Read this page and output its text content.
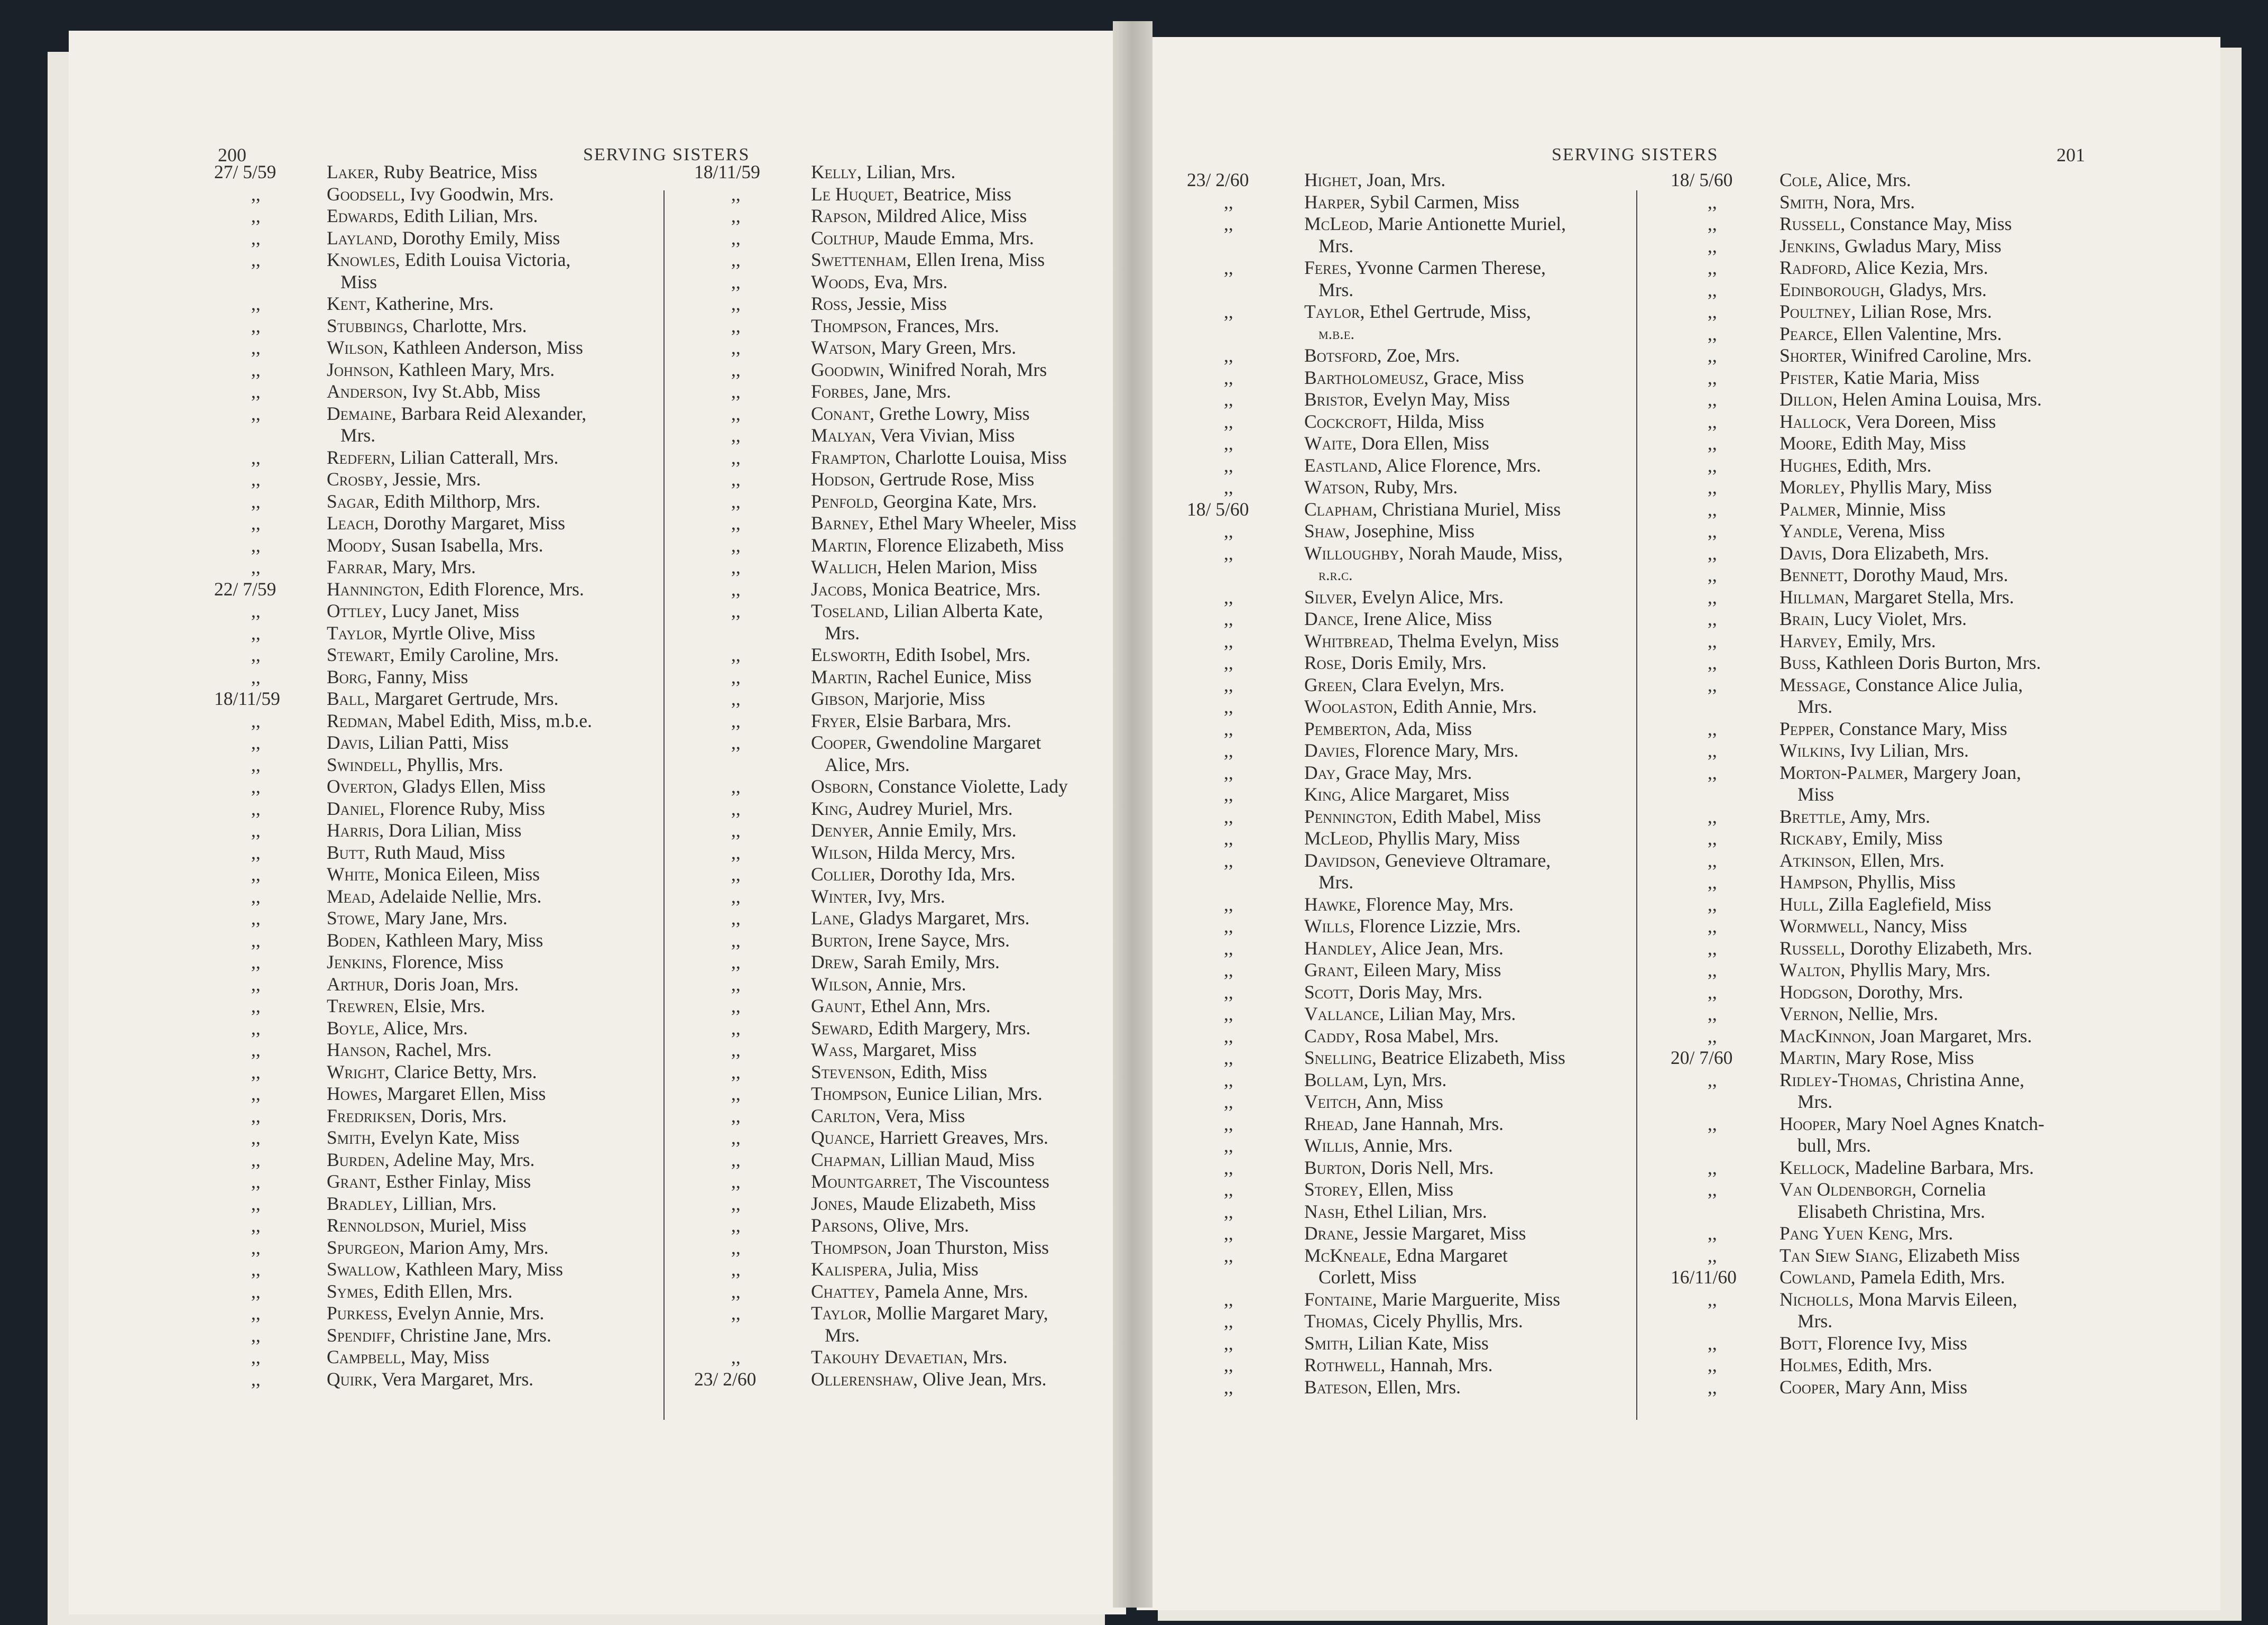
200	SERVING SISTERS	SERVING SISTERS	201
27/ 5/59	Laker, Ruby Beatrice, Miss
,,	Goodsell, Ivy Goodwin, Mrs.
,,	Edwards, Edith Lilian, Mrs.
,,	Layland, Dorothy Emily, Miss
,,	Knowles, Edith Louisa Victoria,
Miss
,,	Kent, Katherine, Mrs.
,,	Stubbings, Charlotte, Mrs.
,,	Wilson, Kathleen Anderson, Miss
,,	Johnson, Kathleen Mary, Mrs.
,,	Anderson, Ivy St.Abb, Miss
,,	Demaine, Barbara Reid Alexander,
Mrs.
,,	Redfern, Lilian Catterall, Mrs.
,,	Crosby, Jessie, Mrs.
,,	Sagar, Edith Milthorp, Mrs.
,,	Leach, Dorothy Margaret, Miss
,,	Moody, Susan Isabella, Mrs.
,,	Farrar, Mary, Mrs.
22/ 7/59	Hannington, Edith Florence, Mrs.
,,	Ottley, Lucy Janet, Miss
,,	Taylor, Myrtle Olive, Miss
,,	Stewart, Emily Caroline, Mrs.
,,	Borg, Fanny, Miss
18/11/59 Ball, Margaret Gertrude, Mrs.
,,	Redman, Mabel Edith, Miss, m.b.e.
,,	Davis, Lilian Patti, Miss
,,	Swindell, Phyllis, Mrs.
,,	Overton, Gladys Ellen, Miss
,,	Daniel, Florence Ruby, Miss
,,	Harris, Dora Lilian, Miss
,,	Butt, Ruth Maud, Miss
,,	White, Monica Eileen, Miss
,,	Mead, Adelaide Nellie, Mrs.
,,	Stowe, Mary Jane, Mrs.
,,	Boden, Kathleen Mary, Miss
,,	Jenkins, Florence, Miss
,,	Arthur, Doris Joan, Mrs.
,,	Trewren, Elsie, Mrs.
,,	Boyle, Alice, Mrs.
,,	Hanson, Rachel, Mrs.
,,	Wright, Clarice Betty, Mrs.
,,	Howes, Margaret Ellen, Miss
,,	Fredriksen, Doris, Mrs.
,,	Smith, Evelyn Kate, Miss
,,	Burden, Adeline May, Mrs.
,,	Grant, Esther Finlay, Miss
,,	Bradley, Lillian, Mrs.
,,	Rennoldson, Muriel, Miss
,,	Spurgeon, Marion Amy, Mrs.
,,	Swallow, Kathleen Mary, Miss
,,	Symes, Edith Ellen, Mrs.
,,	Purkess, Evelyn Annie, Mrs.
,,	Spendiff, Christine Jane, Mrs.
,,	Campbell, May, Miss
,,	Quirk, Vera Margaret, Mrs.
18/11/59	Kelly, Lilian, Mrs.
,,	Le Huquet, Beatrice, Miss
,,	Rapson, Mildred Alice, Miss
,,	Colthup, Maude Emma, Mrs.
,,	Swettenham, Ellen Irena, Miss
,,	Woods, Eva, Mrs.
,,	Ross, Jessie, Miss
,,	Thompson, Frances, Mrs.
,,	Watson, Mary Green, Mrs.
,,	Goodwin, Winifred Norah, Mrs
,,	Forbes, Jane, Mrs.
,,	Conant, Grethe Lowry, Miss
,,	Malyan, Vera Vivian, Miss
,,	Frampton, Charlotte Louisa, Miss
,,	Hodson, Gertrude Rose, Miss
,,	Penfold, Georgina Kate, Mrs.
,,	Barney, Ethel Mary Wheeler, Miss
,,	Martin, Florence Elizabeth, Miss
,,	Wallich, Helen Marion, Miss
,,	Jacobs, Monica Beatrice, Mrs.
,,	Toseland, Lilian Alberta Kate,
Mrs.
,,	Elsworth, Edith Isobel, Mrs.
,,	Martin, Rachel Eunice, Miss
,,	Gibson, Marjorie, Miss
,,	Fryer, Elsie Barbara, Mrs.
,,	Cooper, Gwendoline Margaret
Alice, Mrs.
,,	Osborn, Constance Violette, Lady
,,	King, Audrey Muriel, Mrs.
,,	Denyer, Annie Emily, Mrs.
,,	Wilson, Hilda Mercy, Mrs.
,,	Collier, Dorothy Ida, Mrs.
,,	Winter, Ivy, Mrs.
,,	Lane, Gladys Margaret, Mrs.
,,	Burton, Irene Sayce, Mrs.
,,	Drew, Sarah Emily, Mrs.
,,	Wilson, Annie, Mrs.
,,	Gaunt, Ethel Ann, Mrs.
,,	Seward, Edith Margery, Mrs.
,,	Wass, Margaret, Miss
,,	Stevenson, Edith, Miss
,,	Thompson, Eunice Lilian, Mrs.
,,	Carlton, Vera, Miss
,,	Quance, Harriett Greaves, Mrs.
,,	Chapman, Lillian Maud, Miss
,,	Mountgarret, The Viscountess
,,	Jones, Maude Elizabeth, Miss
,,	Parsons, Olive, Mrs.
,,	Thompson, Joan Thurston, Miss
,,	Kalispera, Julia, Miss
,,	Chattey, Pamela Anne, Mrs.
,,	Taylor, Mollie Margaret Mary,
Mrs.
,,	Takouhy Devaetian, Mrs.
23/ 2/60	Ollerenshaw, Olive Jean, Mrs.
23/ 2/60	Highet, Joan, Mrs.
,,	Harper, Sybil Carmen, Miss
,,	McLeod, Marie Antionette Muriel,
Mrs.
,,	Feres, Yvonne Carmen Therese,
Mrs.
,,	Taylor, Ethel Gertrude, Miss,
m.b.e.
,,	Botsford, Zoe, Mrs.
,,	Bartholomeusz, Grace, Miss
,,	Bristor, Evelyn May, Miss
,,	Cockcroft, Hilda, Miss
,,	Waite, Dora Ellen, Miss
,,	Eastland, Alice Florence, Mrs.
,,	Watson, Ruby, Mrs.
18/ 5/60	Clapham, Christiana Muriel, Miss
,,	Shaw, Josephine, Miss
,,	Willoughby, Norah Maude, Miss,
r.r.c.
,,	Silver, Evelyn Alice, Mrs.
,,	Dance, Irene Alice, Miss
,,	Whitbread, Thelma Evelyn, Miss
,,	Rose, Doris Emily, Mrs.
,,	Green, Clara Evelyn, Mrs.
,,	Woolaston, Edith Annie, Mrs.
,,	Pemberton, Ada, Miss
,,	Davies, Florence Mary, Mrs.
,,	Day, Grace May, Mrs.
,,	King, Alice Margaret, Miss
,,	Pennington, Edith Mabel, Miss
,,	McLeod, Phyllis Mary, Miss
,,	Davidson, Genevieve Oltramare,
Mrs.
,,	Hawke, Florence May, Mrs.
,,	Wills, Florence Lizzie, Mrs.
,,	Handley, Alice Jean, Mrs.
,,	Grant, Eileen Mary, Miss
,,	Scott, Doris May, Mrs.
,,	Vallance, Lilian May, Mrs.
,,	Caddy, Rosa Mabel, Mrs.
,,	Snelling, Beatrice Elizabeth, Miss
,,	Bollam, Lyn, Mrs.
,,	Veitch, Ann, Miss
,,	Rhead, Jane Hannah, Mrs.
,,	Willis, Annie, Mrs.
,,	Burton, Doris Nell, Mrs.
,,	Storey, Ellen, Miss
,,	Nash, Ethel Lilian, Mrs.
,,	Drane, Jessie Margaret, Miss
,,	McKneale, Edna Margaret
Corlett, Miss
,,	Fontaine, Marie Marguerite, Miss
,,	Thomas, Cicely Phyllis, Mrs.
,,	Smith, Lilian Kate, Miss
,,	Rothwell, Hannah, Mrs.
,,	Bateson, Ellen, Mrs.
18/ 5/60 Cole, Alice, Mrs.
,,	Smith, Nora, Mrs.
,,	Russell, Constance May, Miss
,,	Jenkins, Gwladus Mary, Miss
,,	Radford, Alice Kezia, Mrs.
,,	Edinborough, Gladys, Mrs.
,,	Poultney, Lilian Rose, Mrs.
,,	Pearce, Ellen Valentine, Mrs.
,,	Shorter, Winifred Caroline, Mrs.
,,	Pfister, Katie Maria, Miss
,,	Dillon, Helen Amina Louisa, Mrs.
,,	Hallock, Vera Doreen, Miss
,,	Moore, Edith May, Miss
,,	Hughes, Edith, Mrs.
,,	Morley, Phyllis Mary, Miss
,,	Palmer, Minnie, Miss
,,	Yandle, Verena, Miss
,,	Davis, Dora Elizabeth, Mrs.
,,	Bennett, Dorothy Maud, Mrs.
,,	Hillman, Margaret Stella, Mrs.
,,	Brain, Lucy Violet, Mrs.
,,	Harvey, Emily, Mrs.
,,	Buss, Kathleen Doris Burton, Mrs.
,,	Message, Constance Alice Julia,
Mrs.
,,	Pepper, Constance Mary, Miss
,,	Wilkins, Ivy Lilian, Mrs.
,,	Morton-Palmer, Margery Joan,
Miss
,,	Brettle, Amy, Mrs.
,,	Rickaby, Emily, Miss
,,	Atkinson, Ellen, Mrs.
,,	Hampson, Phyllis, Miss
,,	Hull, Zilla Eaglefield, Miss
,,	Wormwell, Nancy, Miss
,,	Russell, Dorothy Elizabeth, Mrs.
,,	Walton, Phyllis Mary, Mrs.
,,	Hodgson, Dorothy, Mrs.
,,	Vernon, Nellie, Mrs.
,,	MacKinnon, Joan Margaret, Mrs.
20/ 7/60 Martin, Mary Rose, Miss
,,	Ridley-Thomas, Christina Anne,
Mrs.
,,	Hooper, Mary Noel Agnes Knatch-
bull, Mrs.
,,	Kellock, Madeline Barbara, Mrs.
,,	Van Oldenborgh, Cornelia
Elisabeth Christina, Mrs.
,,	Pang Yuen Keng, Mrs.
,,	Tan Siew Siang, Elizabeth Miss
16/11/60 Cowland, Pamela Edith, Mrs.
,,	Nicholls, Mona Marvis Eileen,
Mrs.
,,	Bott, Florence Ivy, Miss
,,	Holmes, Edith, Mrs.
,,	Cooper, Mary Ann, Miss
